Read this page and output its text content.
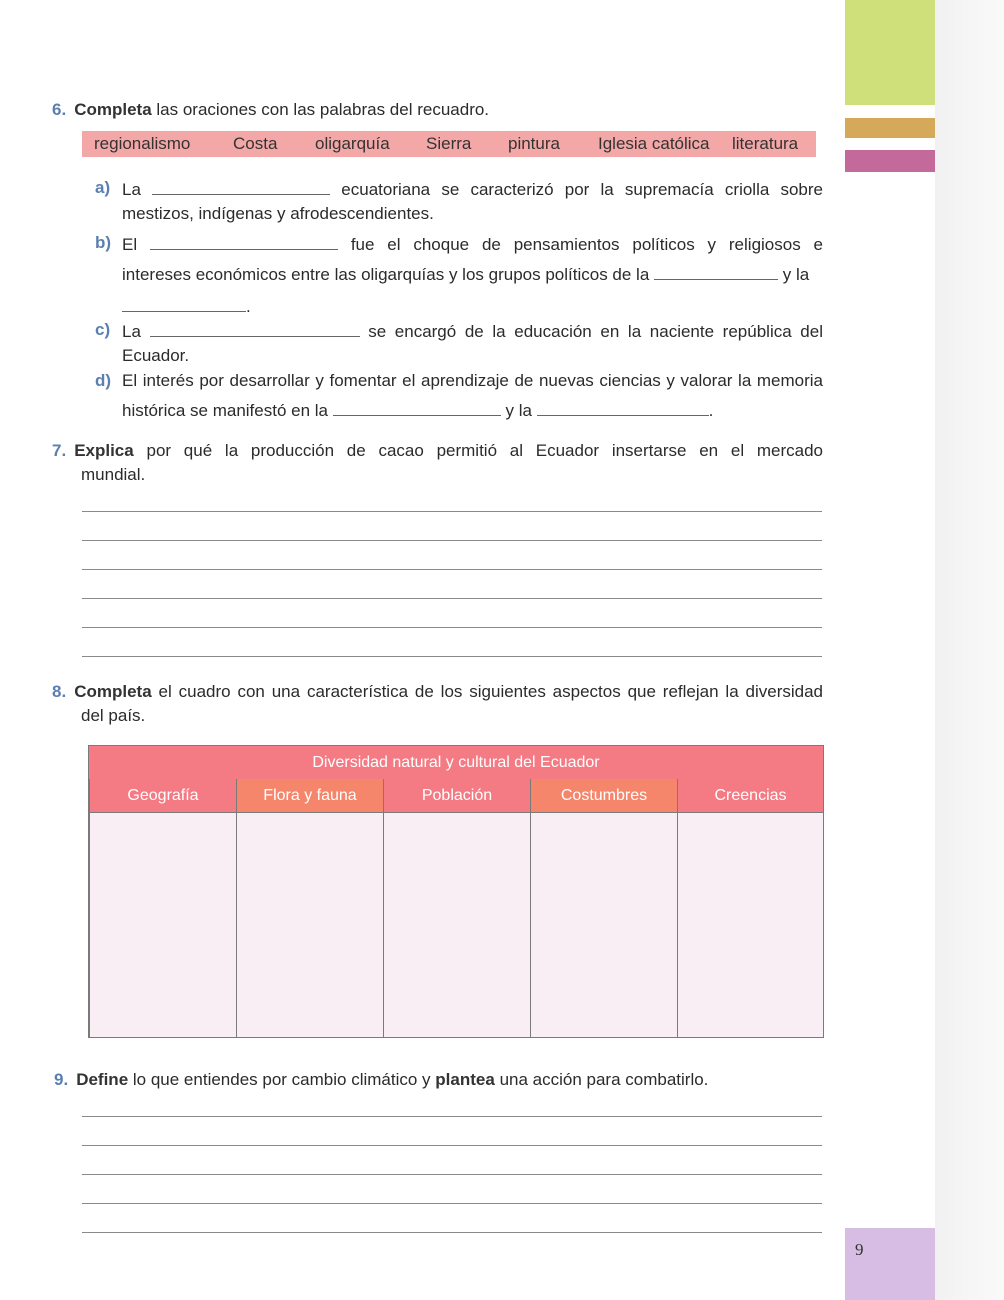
9
6. Completa las oraciones con las palabras del recuadro.
regionalismo	Costa oligarquía Sierra pintura Iglesia católica literatura
a) La	ecuatoriana se caracterizó por la supremacía criolla sobre
mestizos, indígenas y afrodescendientes.
b) El	fue el choque de pensamientos políticos y religiosos e
intereses económicos entre las oligarquías y los grupos políticos de la	y la
.
c) La	se encargó de la educación en la naciente república del
Ecuador.
d) El interés por desarrollar y fomentar el aprendizaje de nuevas ciencias y valorar la memoria
histórica se manifestó en la	y la	.
7. Explica por qué la producción de cacao permitió al Ecuador insertarse en el mercado
mundial.
8. Completa el cuadro con una característica de los siguientes aspectos que reflejan la diversidad
del país.
Diversidad natural y cultural del Ecuador
Geografía	Flora y fauna	Población	Costumbres	Creencias
9. Define lo que entiendes por cambio climático y plantea una acción para combatirlo.
